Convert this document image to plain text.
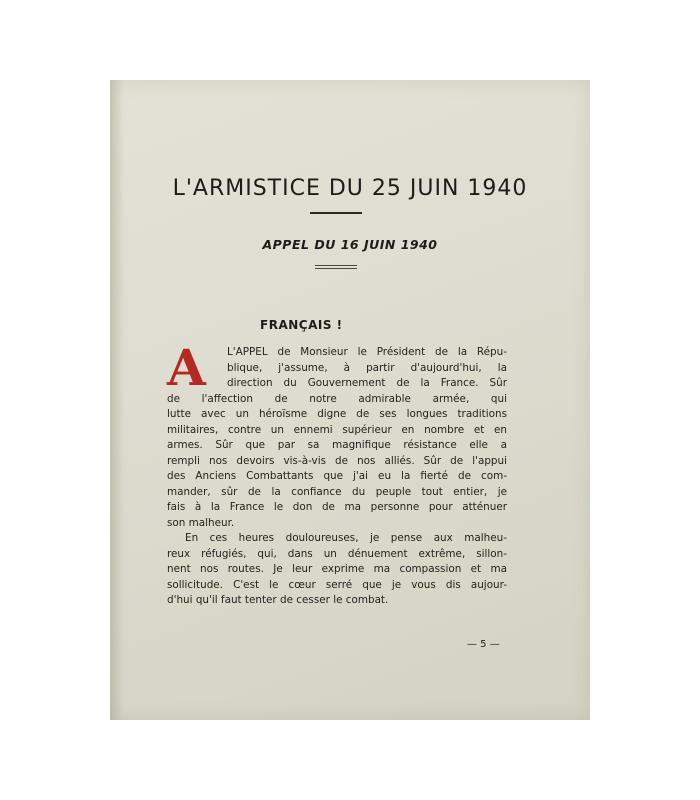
L'ARMISTICE DU 25 JUIN 1940
APPEL DU 16 JUIN 1940
FRANÇAIS !
A	L'APPEL de Monsieur le Président de la Répu-
blique, j'assume, à partir d'aujourd'hui, la
direction du Gouvernement de la France. Sûr
de l'affection de notre admirable armée, qui
lutte avec un héroïsme digne de ses longues traditions
militaires, contre un ennemi supérieur en nombre et en
armes. Sûr que par sa magnifique résistance elle a
rempli nos devoirs vis-à-vis de nos alliés. Sûr de l'appui
des Anciens Combattants que j'ai eu la fierté de com-
mander, sûr de la confiance du peuple tout entier, je
fais à la France le don de ma personne pour atténuer
son malheur.
En ces heures douloureuses, je pense aux malheu-
reux réfugiés, qui, dans un dénuement extrême, sillon-
nent nos routes. Je leur exprime ma compassion et ma
sollicitude. C'est le cœur serré que je vous dis aujour-
d'hui qu'il faut tenter de cesser le combat.
— 5 —
